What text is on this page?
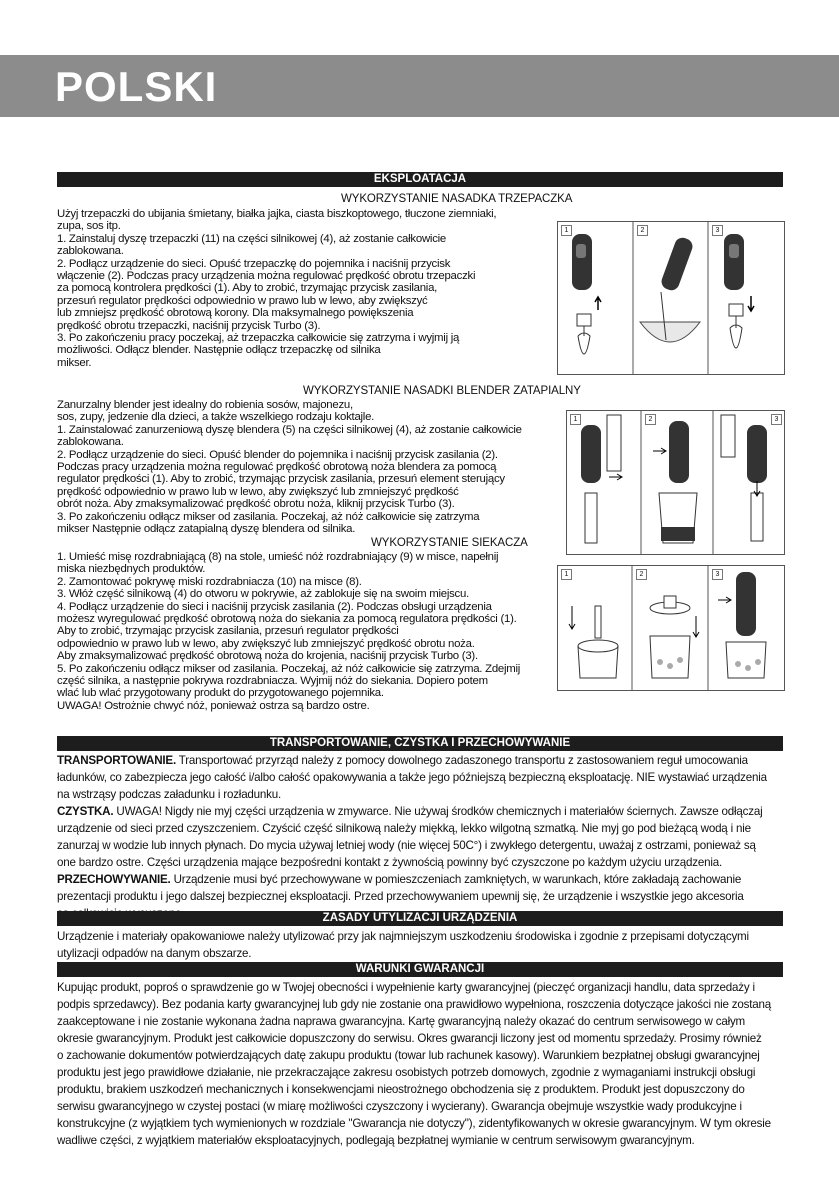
POLSKI
EKSPLOATACJA
WYKORZYSTANIE NASADKA TRZEPACZKA
Użyj trzepaczki do ubijania śmietany, białka jajka, ciasta biszkoptowego, tłuczone ziemniaki,
zupa, sos itp.
1. Zainstaluj dyszę trzepaczki (11) na części silnikowej (4), aż zostanie całkowicie
zablokowana.
2. Podłącz urządzenie do sieci. Opuść trzepaczkę do pojemnika i naciśnij przycisk
włączenie (2). Podczas pracy urządzenia można regulować prędkość obrotu trzepaczki
za pomocą kontrolera prędkości (1). Aby to zrobić, trzymając przycisk zasilania,
przesuń regulator prędkości odpowiednio w prawo lub w lewo, aby zwiększyć
lub zmniejsz prędkość obrotową korony. Dla maksymalnego powiększenia
prędkość obrotu trzepaczki, naciśnij przycisk Turbo (3).
3. Po zakończeniu pracy poczekaj, aż trzepaczka całkowicie się zatrzyma i wyjmij ją
możliwości. Odłącz blender. Następnie odłącz trzepaczkę od silnika
mikser.
WYKORZYSTANIE NASADKI BLENDER ZATAPIALNY
Zanurzalny blender jest idealny do robienia sosów, majonezu,
sos, zupy, jedzenie dla dzieci, a także wszelkiego rodzaju koktajle.
1. Zainstalować zanurzeniową dyszę blendera (5) na części silnikowej (4), aż zostanie całkowicie
zablokowana.
2. Podłącz urządzenie do sieci. Opuść blender do pojemnika i naciśnij przycisk zasilania (2).
Podczas pracy urządzenia można regulować prędkość obrotową noża blendera za pomocą
regulator prędkości (1). Aby to zrobić, trzymając przycisk zasilania, przesuń element sterujący
prędkość odpowiednio w prawo lub w lewo, aby zwiększyć lub zmniejszyć prędkość
obrót noża. Aby zmaksymalizować prędkość obrotu noża, kliknij przycisk Turbo (3).
3. Po zakończeniu odłącz mikser od zasilania. Poczekaj, aż nóż całkowicie się zatrzyma
mikser Następnie odłącz zatapialną dyszę blendera od silnika.
WYKORZYSTANIE SIEKACZA
1. Umieść misę rozdrabniającą (8) na stole, umieść nóż rozdrabniający (9) w misce, napełnij
miska niezbędnych produktów.
2. Zamontować pokrywę miski rozdrabniacza (10) na misce (8).
3. Włóż część silnikową (4) do otworu w pokrywie, aż zablokuje się na swoim miejscu.
4. Podłącz urządzenie do sieci i naciśnij przycisk zasilania (2). Podczas obsługi urządzenia
możesz wyregulować prędkość obrotową noża do siekania za pomocą regulatora prędkości (1).
Aby to zrobić, trzymając przycisk zasilania, przesuń regulator prędkości
odpowiednio w prawo lub w lewo, aby zwiększyć lub zmniejszyć prędkość obrotu noża.
Aby zmaksymalizować prędkość obrotową noża do krojenia, naciśnij przycisk Turbo (3).
5. Po zakończeniu odłącz mikser od zasilania. Poczekaj, aż nóż całkowicie się zatrzyma. Zdejmij
część silnika, a następnie pokrywa rozdrabniacza. Wyjmij nóż do siekania. Dopiero potem
wlać lub wlać przygotowany produkt do przygotowanego pojemnika.
UWAGA! Ostrożnie chwyć nóż, ponieważ ostrza są bardzo ostre.
1	2	3
1	2	3
1	2	3
TRANSPORTOWANIE, CZYSTKA I PRZECHOWYWANIE
TRANSPORTOWANIE. Transportować przyrząd należy z pomocy dowolnego zadaszonego transportu z zastosowaniem reguł umocowania
ładunków, co zabezpiecza jego całość i/albo całość opakowywania a także jego późniejszą bezpieczną eksploatację. NIE wystawiać urządzenia
na wstrząsy podczas załadunku i rozładunku.
CZYSTKA. UWAGA! Nigdy nie myj części urządzenia w zmywarce. Nie używaj środków chemicznych i materiałów ściernych. Zawsze odłączaj
urządzenie od sieci przed czyszczeniem. Czyścić część silnikową należy miękką, lekko wilgotną szmatką. Nie myj go pod bieżącą wodą i nie
zanurzaj w wodzie lub innych płynach. Do mycia używaj letniej wody (nie więcej 50C°) i zwykłego detergentu, uważaj z ostrzami, ponieważ są
one bardzo ostre. Części urządzenia mające bezpośredni kontakt z żywnością powinny być czyszczone po każdym użyciu urządzenia.
PRZECHOWYWANIE. Urządzenie musi być przechowywane w pomieszczeniach zamkniętych, w warunkach, które zakładają zachowanie
prezentacji produktu i jego dalszej bezpiecznej eksploatacji. Przed przechowywaniem upewnij się, że urządzenie i wszystkie jego akcesoria
ZASADY UTYLIZACJI URZĄDZENIA
Urządzenie i materiały opakowaniowe należy utylizować przy jak najmniejszym uszkodzeniu środowiska i zgodnie z przepisami dotyczącymi
utylizacji odpadów na danym obszarze.
WARUNKI GWARANCJI
Kupując produkt, poproś o sprawdzenie go w Twojej obecności i wypełnienie karty gwarancyjnej (pieczęć organizacji handlu, data sprzedaży i
podpis sprzedawcy). Bez podania karty gwarancyjnej lub gdy nie zostanie ona prawidłowo wypełniona, roszczenia dotyczące jakości nie zostaną
zaakceptowane i nie zostanie wykonana żadna naprawa gwarancyjna. Kartę gwarancyjną należy okazać do centrum serwisowego w całym
okresie gwarancyjnym. Produkt jest całkowicie dopuszczony do serwisu. Okres gwarancji liczony jest od momentu sprzedaży. Prosimy również
o zachowanie dokumentów potwierdzających datę zakupu produktu (towar lub rachunek kasowy). Warunkiem bezpłatnej obsługi gwarancyjnej
produktu jest jego prawidłowe działanie, nie przekraczające zakresu osobistych potrzeb domowych, zgodnie z wymaganiami instrukcji obsługi
produktu, brakiem uszkodzeń mechanicznych i konsekwencjami nieostrożnego obchodzenia się z produktem. Produkt jest dopuszczony do
serwisu gwarancyjnego w czystej postaci (w miarę możliwości czyszczony i wycierany). Gwarancja obejmuje wszystkie wady produkcyjne i
konstrukcyjne (z wyjątkiem tych wymienionych w rozdziale "Gwarancja nie dotyczy"), zidentyfikowanych w okresie gwarancyjnym. W tym okresie
wadliwe części, z wyjątkiem materiałów eksploatacyjnych, podlegają bezpłatnej wymianie w centrum serwisowym gwarancyjnym.
